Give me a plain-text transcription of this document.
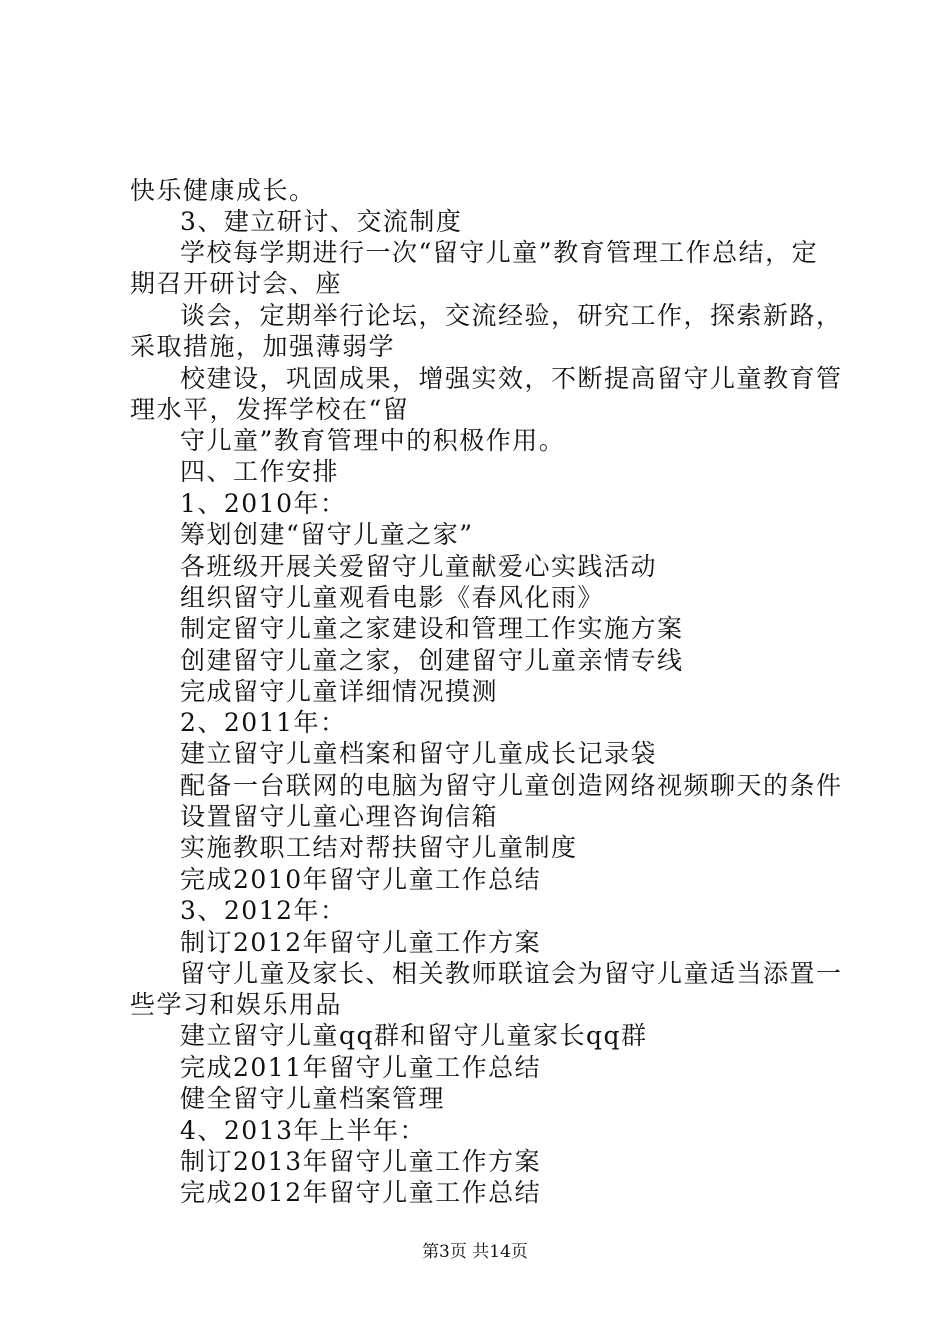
快乐健康成长。
3、建立研讨、交流制度
学校每学期进行一次“留守儿童”教育管理工作总结，定
期召开研讨会、座
谈会，定期举行论坛，交流经验，研究工作，探索新路，
采取措施，加强薄弱学
校建设，巩固成果，增强实效，不断提高留守儿童教育管
理水平，发挥学校在“留
守儿童”教育管理中的积极作用。
四、工作安排
1、2010年：
筹划创建“留守儿童之家”
各班级开展关爱留守儿童献爱心实践活动
组织留守儿童观看电影《春风化雨》
制定留守儿童之家建设和管理工作实施方案
创建留守儿童之家，创建留守儿童亲情专线
完成留守儿童详细情况摸测
2、2011年：
建立留守儿童档案和留守儿童成长记录袋
配备一台联网的电脑为留守儿童创造网络视频聊天的条件
设置留守儿童心理咨询信箱
实施教职工结对帮扶留守儿童制度
完成2010年留守儿童工作总结
3、2012年：
制订2012年留守儿童工作方案
留守儿童及家长、相关教师联谊会为留守儿童适当添置一
些学习和娱乐用品
建立留守儿童qq群和留守儿童家长qq群
完成2011年留守儿童工作总结
健全留守儿童档案管理
4、2013年上半年：
制订2013年留守儿童工作方案
完成2012年留守儿童工作总结
第3页 共14页
